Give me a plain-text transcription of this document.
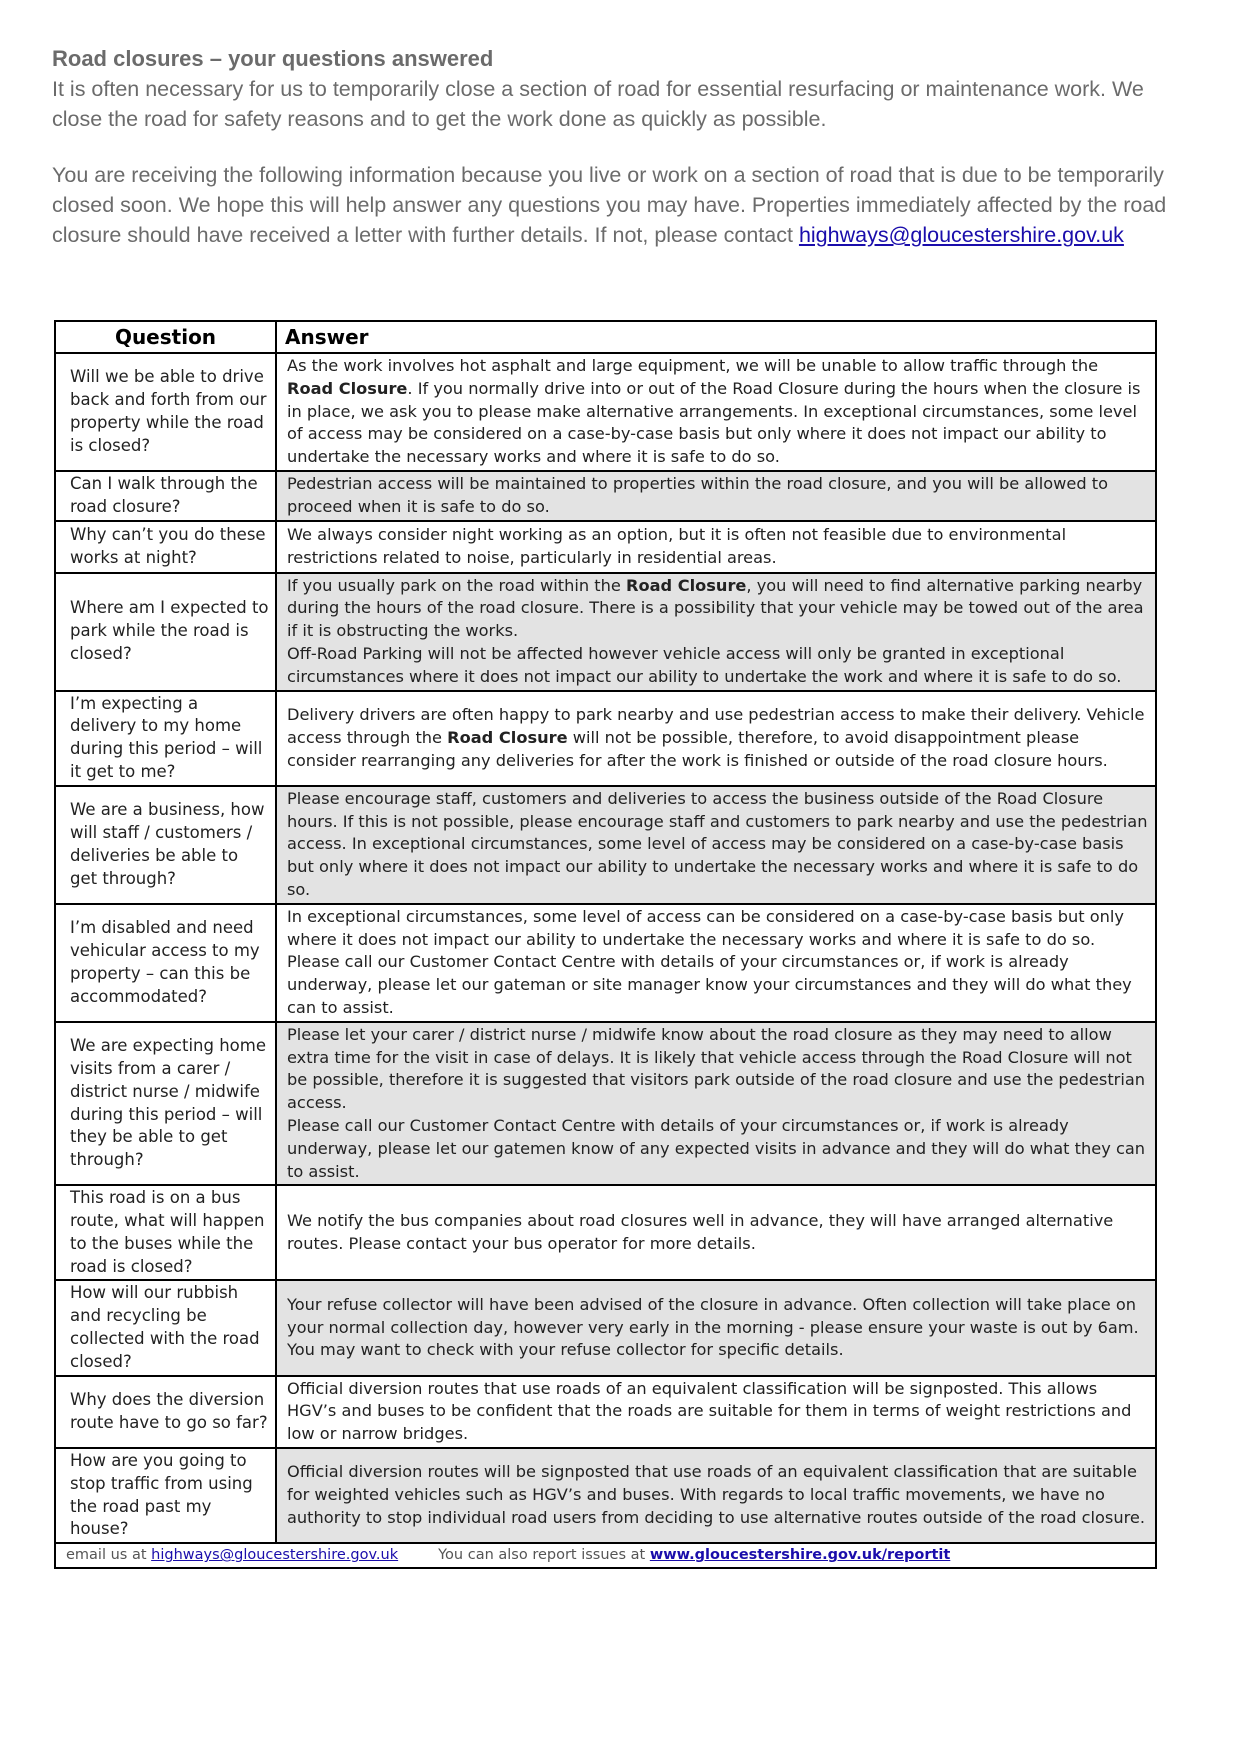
Road closures – your questions answered

It is often necessary for us to temporarily close a section of road for essential resurfacing or maintenance work. We close the road for safety reasons and to get the work done as quickly as possible.

You are receiving the following information because you live or work on a section of road that is due to be temporarily closed soon. We hope this will help answer any questions you may have. Properties immediately affected by the road closure should have received a letter with further details. If not, please contact highways@gloucestershire.gov.uk

Question	Answer
Will we be able to drive back and forth from our property while the road is closed?	As the work involves hot asphalt and large equipment, we will be unable to allow traffic through the Road Closure. If you normally drive into or out of the Road Closure during the hours when the closure is in place, we ask you to please make alternative arrangements. In exceptional circumstances, some level of access may be considered on a case-by-case basis but only where it does not impact our ability to undertake the necessary works and where it is safe to do so.
Can I walk through the road closure?	Pedestrian access will be maintained to properties within the road closure, and you will be allowed to proceed when it is safe to do so.
Why can’t you do these works at night?	We always consider night working as an option, but it is often not feasible due to environmental restrictions related to noise, particularly in residential areas.
Where am I expected to park while the road is closed?	If you usually park on the road within the Road Closure, you will need to find alternative parking nearby during the hours of the road closure. There is a possibility that your vehicle may be towed out of the area if it is obstructing the works.

Off-Road Parking will not be affected however vehicle access will only be granted in exceptional circumstances where it does not impact our ability to undertake the work and where it is safe to do so.

I’m expecting a delivery to my home during this period – will it get to me?	Delivery drivers are often happy to park nearby and use pedestrian access to make their delivery. Vehicle access through the Road Closure will not be possible, therefore, to avoid disappointment please consider rearranging any deliveries for after the work is finished or outside of the road closure hours.
We are a business, how will staff / customers / deliveries be able to get through?	Please encourage staff, customers and deliveries to access the business outside of the Road Closure hours. If this is not possible, please encourage staff and customers to park nearby and use the pedestrian access. In exceptional circumstances, some level of access may be considered on a case-by-case basis but only where it does not impact our ability to undertake the necessary works and where it is safe to do so.
I’m disabled and need vehicular access to my property – can this be accommodated?	In exceptional circumstances, some level of access can be considered on a case-by-case basis but only where it does not impact our ability to undertake the necessary works and where it is safe to do so.

Please call our Customer Contact Centre with details of your circumstances or, if work is already underway, please let our gateman or site manager know your circumstances and they will do what they can to assist.

We are expecting home visits from a carer / district nurse / midwife during this period – will they be able to get through?	Please let your carer / district nurse / midwife know about the road closure as they may need to allow extra time for the visit in case of delays. It is likely that vehicle access through the Road Closure will not be possible, therefore it is suggested that visitors park outside of the road closure and use the pedestrian access.

Please call our Customer Contact Centre with details of your circumstances or, if work is already underway, please let our gatemen know of any expected visits in advance and they will do what they can to assist.

This road is on a bus route, what will happen to the buses while the road is closed?	We notify the bus companies about road closures well in advance, they will have arranged alternative routes. Please contact your bus operator for more details.
How will our rubbish and recycling be collected with the road closed?	Your refuse collector will have been advised of the closure in advance. Often collection will take place on your normal collection day, however very early in the morning - please ensure your waste is out by 6am. You may want to check with your refuse collector for specific details.
Why does the diversion route have to go so far?	Official diversion routes that use roads of an equivalent classification will be signposted. This allows HGV’s and buses to be confident that the roads are suitable for them in terms of weight restrictions and low or narrow bridges.
How are you going to stop traffic from using the road past my house?	Official diversion routes will be signposted that use roads of an equivalent classification that are suitable for weighted vehicles such as HGV’s and buses. With regards to local traffic movements, we have no authority to stop individual road users from deciding to use alternative routes outside of the road closure.
email us at highways@gloucestershire.gov.uk You can also report issues at www.gloucestershire.gov.uk/reportit	
